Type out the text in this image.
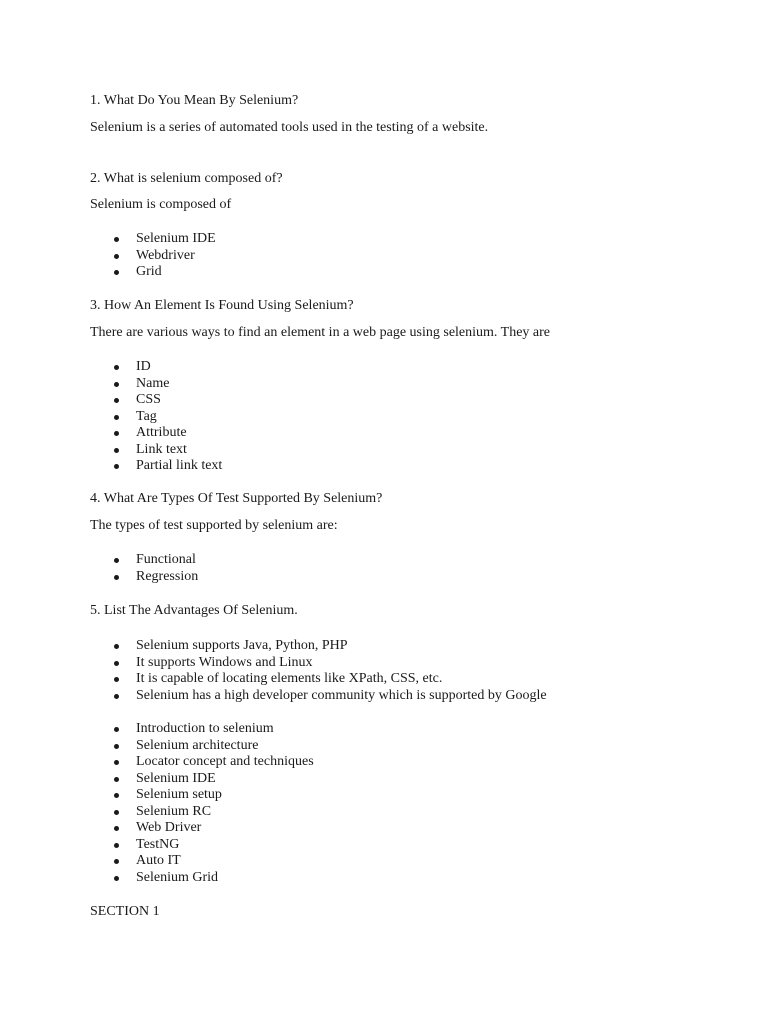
1. What Do You Mean By Selenium?

Selenium is a series of automated tools used in the testing of a website.

2. What is selenium composed of?

Selenium is composed of

Selenium IDE
Webdriver
Grid

3. How An Element Is Found Using Selenium?

There are various ways to find an element in a web page using selenium. They are

ID
Name
CSS
Tag
Attribute
Link text
Partial link text

4. What Are Types Of Test Supported By Selenium?

The types of test supported by selenium are:

Functional
Regression

5. List The Advantages Of Selenium.

Selenium supports Java, Python, PHP
It supports Windows and Linux
It is capable of locating elements like XPath, CSS, etc.
Selenium has a high developer community which is supported by Google
Introduction to selenium
Selenium architecture
Locator concept and techniques
Selenium IDE
Selenium setup
Selenium RC
Web Driver
TestNG
Auto IT
Selenium Grid

SECTION 1
